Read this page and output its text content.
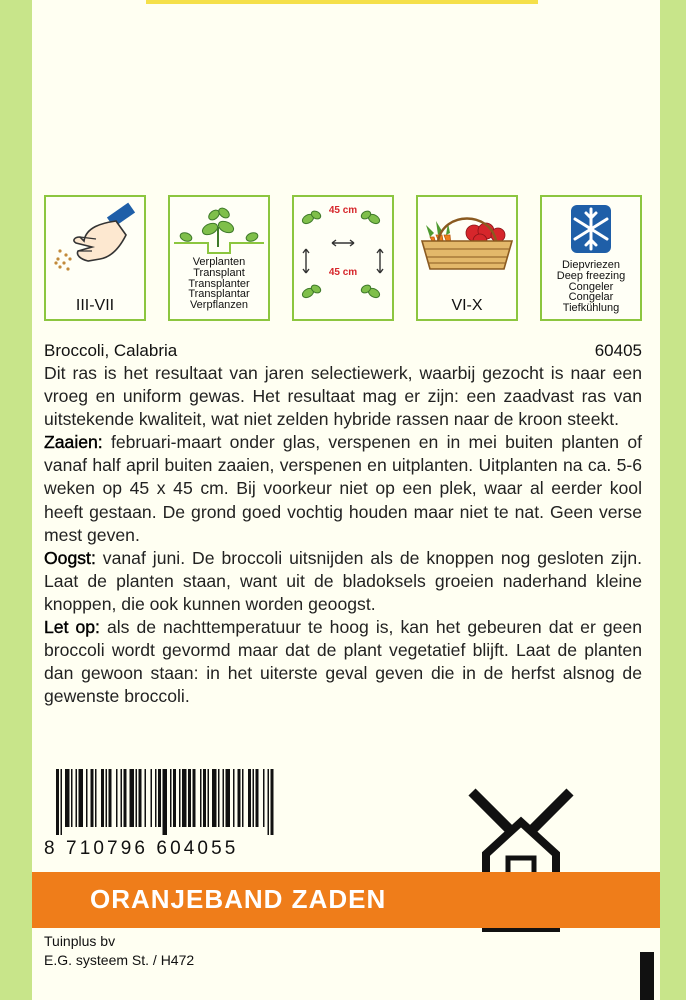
III-VII
Verplanten
Transplant
Transplanter
Transplantar
Verpflanzen
45 cm
45 cm
VI-X
Diepvriezen
Deep freezing
Congeler
Congelar
Tiefkühlung
Broccoli, Calabria	60405

Dit ras is het resultaat van jaren selectiewerk, waarbij gezocht is naar een vroeg en uniform gewas. Het resultaat mag er zijn: een zaadvast ras van uitstekende kwaliteit, wat niet zelden hybride rassen naar de kroon steekt.

Zaaien: februari-maart onder glas, verspenen en in mei buiten planten of vanaf half april buiten zaaien, verspenen en uitplanten. Uitplanten na ca. 5-6 weken op 45 x 45 cm. Bij voorkeur niet op een plek, waar al eerder kool heeft gestaan. De grond goed vochtig houden maar niet te nat. Geen verse mest geven.

Oogst: vanaf juni. De broccoli uitsnijden als de knoppen nog gesloten zijn. Laat de planten staan, want uit de bladoksels groeien naderhand kleine knoppen, die ook kunnen worden geoogst.

Let op: als de nachttemperatuur te hoog is, kan het gebeuren dat er geen broccoli wordt gevormd maar dat de plant vegetatief blijft. Laat de planten dan gewoon staan: in het uiterste geval geven die in de herfst alsnog de gewenste broccoli.

8 710796 604055
ORANJEBAND ZADEN
Tuinplus bv
E.G. systeem St. / H472
